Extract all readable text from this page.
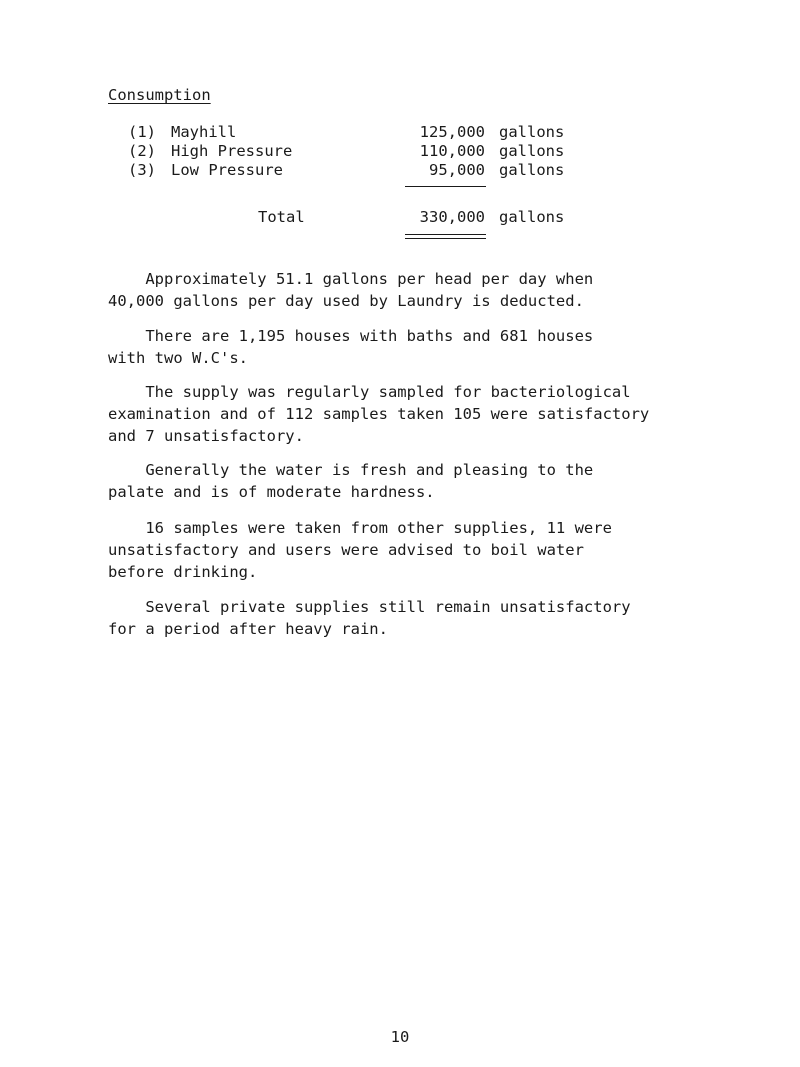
Consumption
(1) Mayhill	125,000 gallons
(2) High Pressure	110,000 gallons
(3) Low Pressure	95,000 gallons
Total	330,000 gallons

Approximately 51.1 gallons per head per day when
40,000 gallons per day used by Laundry is deducted.

There are 1,195 houses with baths and 681 houses
with two W.C's.

The supply was regularly sampled for bacteriological
examination and of 112 samples taken 105 were satisfactory
and 7 unsatisfactory.

Generally the water is fresh and pleasing to the
palate and is of moderate hardness.

16 samples were taken from other supplies, 11 were
unsatisfactory and users were advised to boil water
before drinking.

Several private supplies still remain unsatisfactory
for a period after heavy rain.

10
